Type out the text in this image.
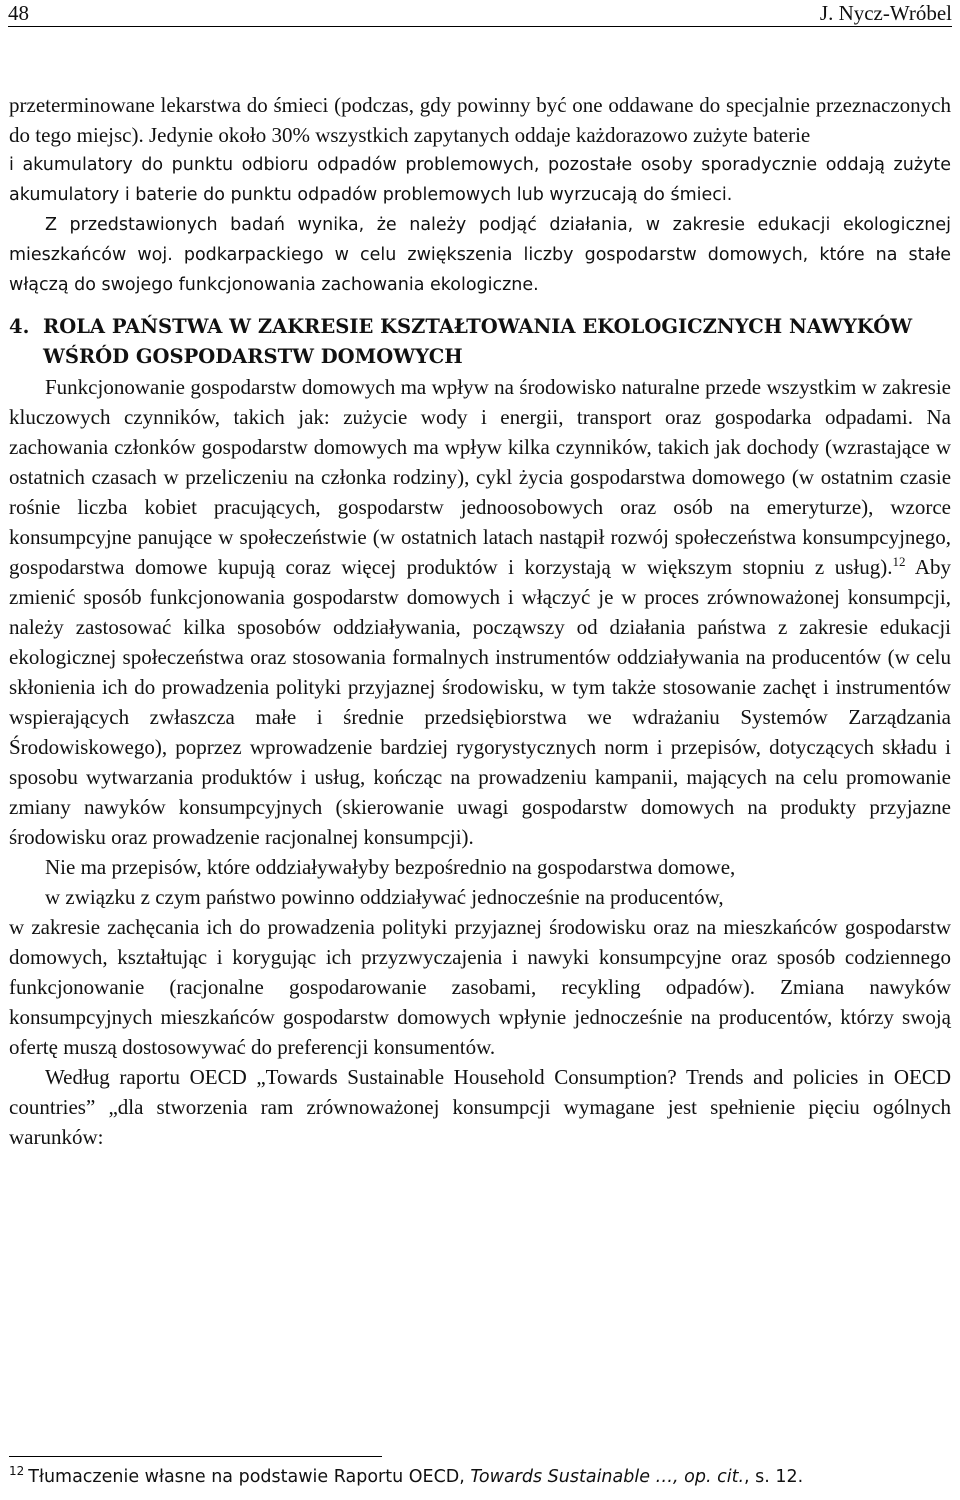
48	J. Nycz-Wróbel

przeterminowane lekarstwa do śmieci (podczas, gdy powinny być one oddawane do specjalnie przeznaczonych do tego miejsc). Jedynie około 30% wszystkich zapytanych oddaje każdorazowo zużyte baterie

i akumulatory do punktu odbioru odpadów problemowych, pozostałe osoby sporadycznie oddają zużyte akumulatory i baterie do punktu odpadów problemowych lub wyrzucają do śmieci.

Z przedstawionych badań wynika, że należy podjąć działania, w zakresie edukacji ekologicznej mieszkańców woj. podkarpackiego w celu zwiększenia liczby gospodarstw domowych, które na stałe włączą do swojego funkcjonowania zachowania ekologiczne.

4. ROLA PAŃSTWA W ZAKRESIE KSZTAŁTOWANIA EKOLOGICZNYCH NAWYKÓW WŚRÓD GOSPODARSTW DOMOWYCH

Funkcjonowanie gospodarstw domowych ma wpływ na środowisko naturalne przede wszystkim w zakresie kluczowych czynników, takich jak: zużycie wody i energii, transport oraz gospodarka odpadami. Na zachowania członków gospodarstw domowych ma wpływ kilka czynników, takich jak dochody (wzrastające w ostatnich czasach w przeliczeniu na członka rodziny), cykl życia gospodarstwa domowego (w ostatnim czasie rośnie liczba kobiet pracujących, gospodarstw jednoosobowych oraz osób na emeryturze), wzorce konsumpcyjne panujące w społeczeństwie (w ostatnich latach nastąpił rozwój społeczeństwa konsumpcyjnego, gospodarstwa domowe kupują coraz więcej produktów i korzystają w większym stopniu z usług).$^{12}$ Aby zmienić sposób funkcjonowania gospodarstw domowych i włączyć je w proces zrównoważonej konsumpcji, należy zastosować kilka sposobów oddziaływania, począwszy od działania państwa z zakresie edukacji ekologicznej społeczeństwa oraz stosowania formalnych instrumentów oddziaływania na producentów (w celu skłonienia ich do prowadzenia polityki przyjaznej środowisku, w tym także stosowanie zachęt i instrumentów wspierających zwłaszcza małe i średnie przedsiębiorstwa we wdrażaniu Systemów Zarządzania Środowiskowego), poprzez wprowadzenie bardziej rygorystycznych norm i przepisów, dotyczących składu i sposobu wytwarzania produktów i usług, kończąc na prowadzeniu kampanii, mających na celu promowanie zmiany nawyków konsumpcyjnych (skierowanie uwagi gospodarstw domowych na produkty przyjazne środowisku oraz prowadzenie racjonalnej konsumpcji).

Nie ma przepisów, które oddziaływałyby bezpośrednio na gospodarstwa domowe,
w związku z czym państwo powinno oddziaływać jednocześnie na producentów,
w zakresie zachęcania ich do prowadzenia polityki przyjaznej środowisku oraz na mieszkańców gospodarstw domowych, kształtując i korygując ich przyzwyczajenia i nawyki konsumpcyjne oraz sposób codziennego funkcjonowanie (racjonalne gospodarowanie zasobami, recykling odpadów). Zmiana nawyków konsumpcyjnych mieszkańców gospodarstw domowych wpłynie jednocześnie na producentów, którzy swoją ofertę muszą dostosowywać do preferencji konsumentów.

Według raportu OECD „Towards Sustainable Household Consumption? Trends and policies in OECD countries” „dla stworzenia ram zrównoważonej konsumpcji wymagane jest spełnienie pięciu ogólnych warunków:

$^{12}$ Tłumaczenie własne na podstawie Raportu OECD, Towards Sustainable …, op. cit., s. 12.
